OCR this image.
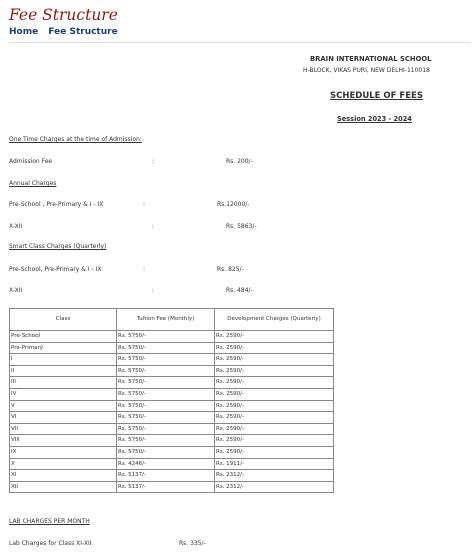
Fee Structure
Home Fee Structure
BRAIN INTERNATIONAL SCHOOL
H-BLOCK, VIKAS PURI, NEW DELHI-110018
SCHEDULE OF FEES
Session 2023 - 2024
One Time Charges at the time of Admission:
Admission Fee	:	Rs. 200/-
Annual Charges
Pre-School , Pre-Primary & I - IX	:	Rs.12000/-
X-XII	:	Rs. 5863/-
Smart Class Charges (Quarterly)
Pre-School, Pre-Primary & I - IX	:	Rs. 825/-
X-XII	:	Rs. 484/-
Class	Tuition Fee (Monthly)	Development Charges (Quarterly)
Pre-School	Rs. 5750/-	Rs. 2590/-
Pre-Primary	Rs. 5750/-	Rs. 2590/-
I	Rs. 5750/-	Rs. 2590/-
II	Rs. 5750/-	Rs. 2590/-
III	Rs. 5750/-	Rs. 2590/-
IV	Rs. 5750/-	Rs. 2590/-
V	Rs. 5750/-	Rs. 2590/-
VI	Rs. 5750/-	Rs. 2590/-
VII	Rs. 5750/-	Rs. 2590/-
VIII	Rs. 5750/-	Rs. 2590/-
IX	Rs. 5750/-	Rs. 2590/-
X	Rs. 4246/-	Rs. 1911/-
XI	Rs. 5137/-	Rs. 2312/-
XII	Rs. 5137/-	Rs. 2312/-
LAB CHARGES PER MONTH
Lab Charges for Class XI-XII	Rs. 335/-
